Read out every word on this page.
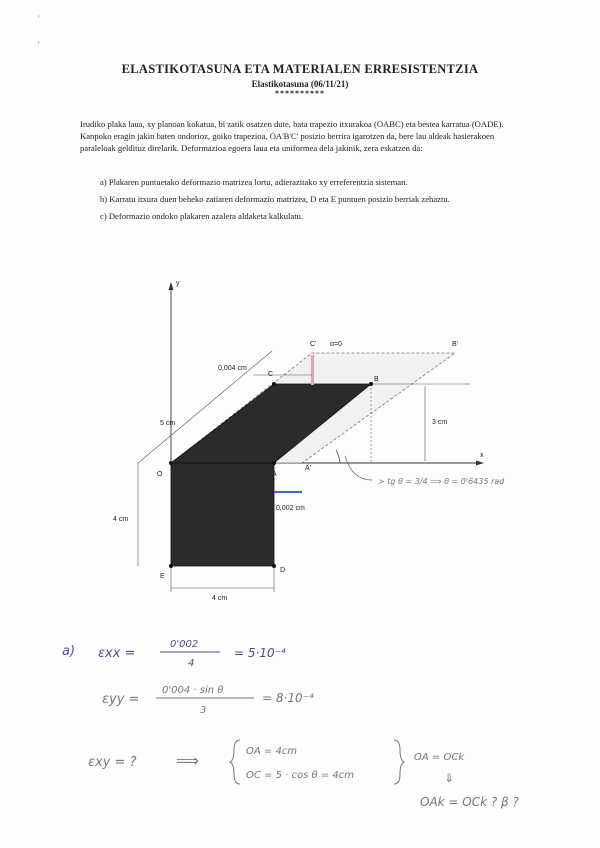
'
'
ELASTIKOTASUNA ETA MATERIALEN ERRESISTENTZIA
Elastikotasuna (06/11/21)
**********
Irudiko plaka laua, xy planoan kokatua, bi zatik osatzen dute, bata trapezio itxurakoa (OABC) eta bestea karratua (OADE). Kanpoko eragin jakin baten ondorioz, goiko trapezioa, OA'B'C' posizio berrira igarotzen da, bere lau aldeak hasierakoen paraleloak geldituz direlarik. Deformazioa egoera laua eta uniformea dela jakinik, zera eskatzen da:
a) Plakaren puntuetako deformazio matrizea lortu, adierazitako xy erreferentzia sisteman.
b) Karratu itxura duen beheko zatiaren deformazio matrizea, D eta E puntuen posizio berriak zehaztu.
c) Deformazio ondoko plakaren azalera aldaketa kalkulatu.
y
x
O	A
A'
B
B'
C
C'
D
E
0,004 cm
5 cm	3 cm
0,002 cm
4 cm
4 cm
α=0
> tg θ = 3/4 ⟹ θ = 0'6435 rad
a) εxx =
0'002
4
= 5·10⁻⁴
εyy =
0'004 · sin θ
3
= 8·10⁻⁴
εxy = ? ⟹	OA = 4cm
OC = 5 · cos θ = 4cm
OA = OCk
⇓
OAk = OCk ? β ?
